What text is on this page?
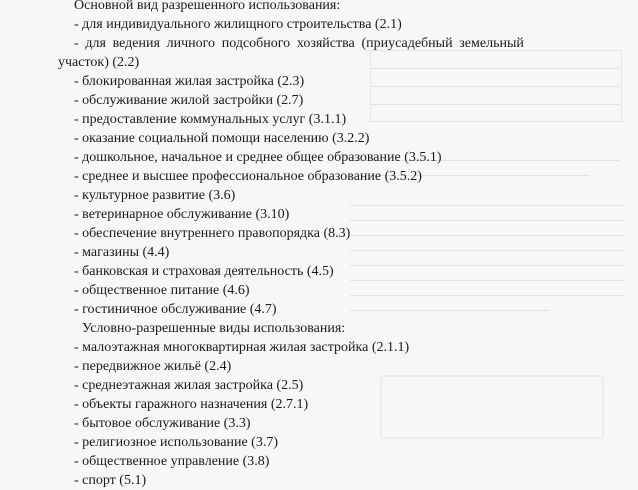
Основной вид разрешенного использования:
- для индивидуального жилищного строительства (2.1)
- для ведения личного подсобного хозяйства (приусадебный земельный
участок) (2.2)
- блокированная жилая застройка (2.3)
- обслуживание жилой застройки (2.7)
- предоставление коммунальных услуг (3.1.1)
- оказание социальной помощи населению (3.2.2)
- дошкольное, начальное и среднее общее образование (3.5.1)
- среднее и высшее профессиональное образование (3.5.2)
- культурное развитие (3.6)
- ветеринарное обслуживание (3.10)
- обеспечение внутреннего правопорядка (8.3)
- магазины (4.4)
- банковская и страховая деятельность (4.5)
- общественное питание (4.6)
- гостиничное обслуживание (4.7)
Условно-разрешенные виды использования:
- малоэтажная многоквартирная жилая застройка (2.1.1)
- передвижное жильё (2.4)
- среднеэтажная жилая застройка (2.5)
- объекты гаражного назначения (2.7.1)
- бытовое обслуживание (3.3)
- религиозное использование (3.7)
- общественное управление (3.8)
- спорт (5.1)
